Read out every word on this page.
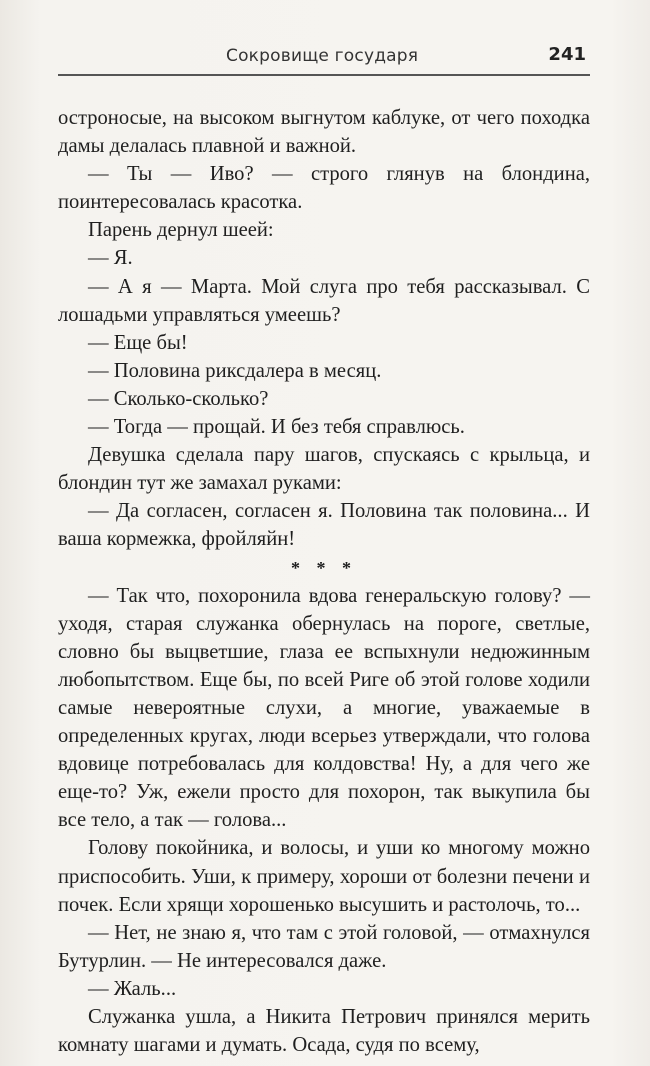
Сокровище государя	241

остроносые, на высоком выгнутом каблуке, от чего походка дамы делалась плавной и важной.

— Ты — Иво? — строго глянув на блондина, поинтересовалась красотка.

Парень дернул шеей:

— Я.

— А я — Марта. Мой слуга про тебя рассказывал. С лошадьми управляться умеешь?

— Еще бы!

— Половина риксдалера в месяц.

— Сколько-сколько?

— Тогда — прощай. И без тебя справлюсь.

Девушка сделала пару шагов, спускаясь с крыльца, и блондин тут же замахал руками:

— Да согласен, согласен я. Половина так половина... И ваша кормежка, фройляйн!

* * *

— Так что, похоронила вдова генеральскую голову? — уходя, старая служанка обернулась на пороге, светлые, словно бы выцветшие, глаза ее вспыхнули недюжинным любопытством. Еще бы, по всей Риге об этой голове ходили самые невероятные слухи, а многие, уважаемые в определенных кругах, люди всерьез утверждали, что голова вдовице потребовалась для колдовства! Ну, а для чего же еще-то? Уж, ежели просто для похорон, так выкупила бы все тело, а так — голова...

Голову покойника, и волосы, и уши ко многому можно приспособить. Уши, к примеру, хороши от болезни печени и почек. Если хрящи хорошенько высушить и растолочь, то...

— Нет, не знаю я, что там с этой головой, — отмахнулся Бутурлин. — Не интересовался даже.

— Жаль...

Служанка ушла, а Никита Петрович принялся мерить комнату шагами и думать. Осада, судя по всему,
